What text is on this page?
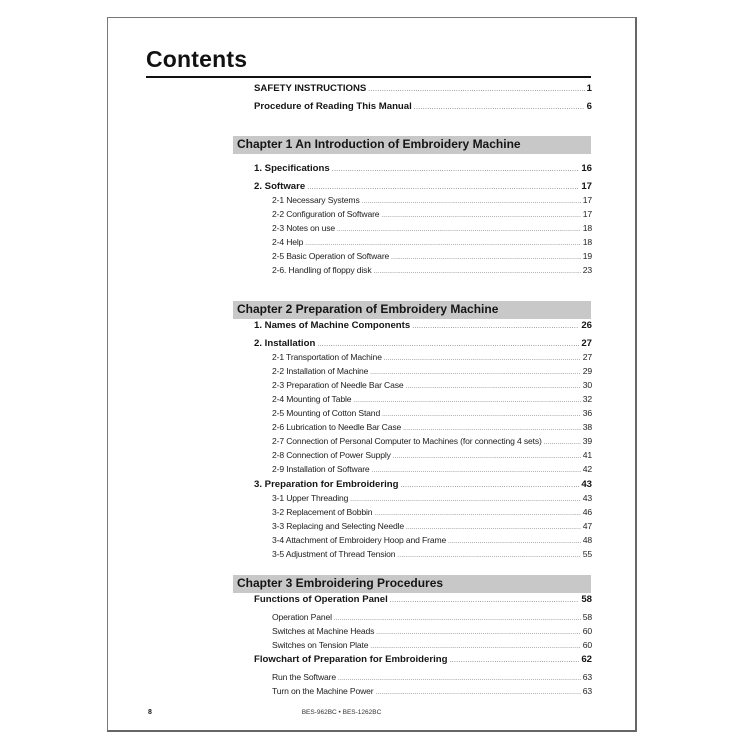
Contents
SAFETY INSTRUCTIONS .....	1
Procedure of Reading This Manual .....	6
Chapter 1 An Introduction of Embroidery Machine
1. Specifications .....	16
2. Software .....	17
2-1 Necessary Systems .....	17
2-2 Configuration of Software .....	17
2-3 Notes on use .....	18
2-4 Help .....	18
2-5 Basic Operation of Software .....	19
2-6. Handling of floppy disk .....	23
Chapter 2 Preparation of Embroidery Machine
1. Names of Machine Components .....	26
2. Installation .....	27
2-1 Transportation of Machine .....	27
2-2 Installation of Machine .....	29
2-3 Preparation of Needle Bar Case .....	30
2-4 Mounting of Table .....	32
2-5 Mounting of Cotton Stand .....	36
2-6 Lubrication to Needle Bar Case .....	38
2-7 Connection of Personal Computer to Machines (for connecting 4 sets) .....	39
2-8 Connection of Power Supply .....	41
2-9 Installation of Software .....	42
3. Preparation for Embroidering .....	43
3-1 Upper Threading .....	43
3-2 Replacement of Bobbin .....	46
3-3 Replacing and Selecting Needle .....	47
3-4 Attachment of Embroidery Hoop and Frame .....	48
3-5 Adjustment of Thread Tension .....	55
Chapter 3 Embroidering Procedures
Functions of Operation Panel .....	58
Operation Panel .....	58
Switches at Machine Heads .....	60
Switches on Tension Plate .....	60
Flowchart of Preparation for Embroidering .....	62
Run the Software .....	63
Turn on the Machine Power .....	63
8	BES-962BC • BES-1262BC
